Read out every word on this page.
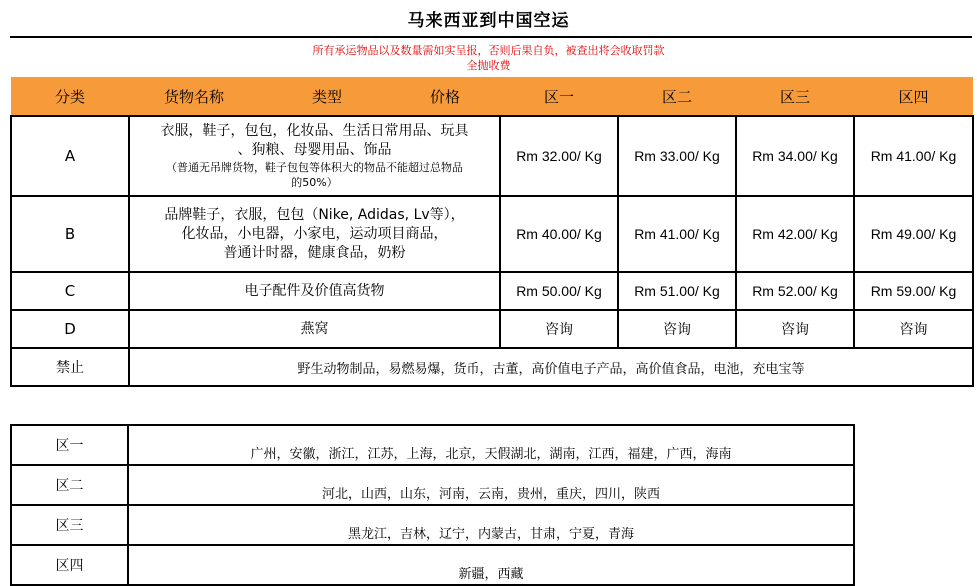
马来西亚到中国空运
所有承运物品以及数量需如实呈报，否则后果自负，被查出将会收取罚款
全抛收费
分类	货物名称 类型 价格	区一	区二	区三	区四
A	衣服，鞋子，包包，化妆品、生活日常用品、玩具
、狗粮、母婴用品、饰品
（普通无吊牌货物，鞋子包包等体积大的物品不能超过总物品
的50%）	Rm 32.00/ Kg	Rm 33.00/ Kg	Rm 34.00/ Kg	Rm 41.00/ Kg
B	品牌鞋子，衣服，包包（Nike, Adidas, Lv等），
化妆品，小电器，小家电，运动项目商品，
普通计时器，健康食品，奶粉	Rm 40.00/ Kg	Rm 41.00/ Kg	Rm 42.00/ Kg	Rm 49.00/ Kg
C	电子配件及价值高货物	Rm 50.00/ Kg	Rm 51.00/ Kg	Rm 52.00/ Kg	Rm 59.00/ Kg
D	燕窝	咨询	咨询	咨询	咨询
禁止	野生动物制品，易燃易爆，货币，古董，高价值电子产品，高价值食品，电池，充电宝等				
区一	广州，安徽，浙江，江苏，上海，北京，天假湖北，湖南，江西，福建，广西，海南
区二	河北，山西，山东，河南，云南，贵州，重庆，四川，陕西
区三	黑龙江，吉林，辽宁，内蒙古，甘肃，宁夏，青海
区四	新疆，西藏
